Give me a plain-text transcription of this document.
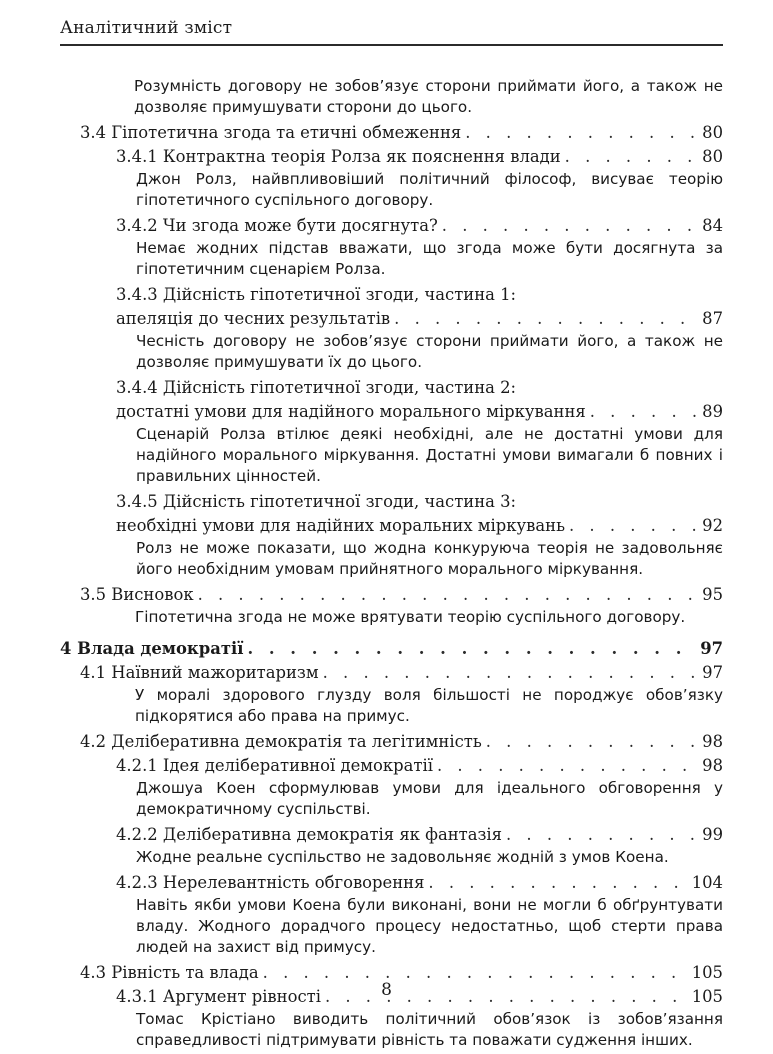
Аналітичний зміст
Розумність договору не зобов’язує сторони приймати його, а також не дозволяє примушувати сторони до цього.
3.4 Гіпотетична згода та етичні обмеження . . .	80
3.4.1 Контрактна теорія Ролза як пояснення влади . . .	80
Джон Ролз, найвпливовіший політичний філософ, висуває теорію гіпотетичного суспільного договору.
3.4.2 Чи згода може бути досягнута? . . .	84
Немає жодних підстав вважати, що згода може бути досягнута за гіпотетичним сценарієм Ролза.
3.4.3 Дійсність гіпотетичної згоди, частина 1:
апеляція до чесних результатів . . .	87
Чесність договору не зобов’язує сторони приймати його, а також не дозволяє примушувати їх до цього.
3.4.4 Дійсність гіпотетичної згоди, частина 2:
достатні умови для надійного морального міркування . . .	89
Сценарій Ролза втілює деякі необхідні, але не достатні умови для надійного морального міркування. Достатні умови вимагали б повних і правильних цінностей.
3.4.5 Дійсність гіпотетичної згоди, частина 3:
необхідні умови для надійних моральних міркувань . . .	92
Ролз не може показати, що жодна конкуруюча теорія не задовольняє його необхідним умовам прийнятного морального міркування.
3.5 Висновок . . .	95
Гіпотетична згода не може врятувати теорію суспільного договору.
4 Влада демократії . . .	97
4.1 Наївний мажоритаризм . . .	97
У моралі здорового глузду воля більшості не породжує обов’язку підкорятися або права на примус.
4.2 Деліберативна демократія та легітимність . . .	98
4.2.1 Ідея деліберативної демократії . . .	98
Джошуа Коен сформулював умови для ідеального обговорення у демократичному суспільстві.
4.2.2 Деліберативна демократія як фантазія . . .	99
Жодне реальне суспільство не задовольняє жодній з умов Коена.
4.2.3 Нерелевантність обговорення . . .	104
Навіть якби умови Коена були виконані, вони не могли б обґрунтувати владу. Жодного дорадчого процесу недостатньо, щоб стерти права людей на захист від примусу.
4.3 Рівність та влада . . .	105
4.3.1 Аргумент рівності . . .	105
Томас Крістіано виводить політичний обов’язок із зобов’язання справедливості підтримувати рівність та поважати судження інших.
8
